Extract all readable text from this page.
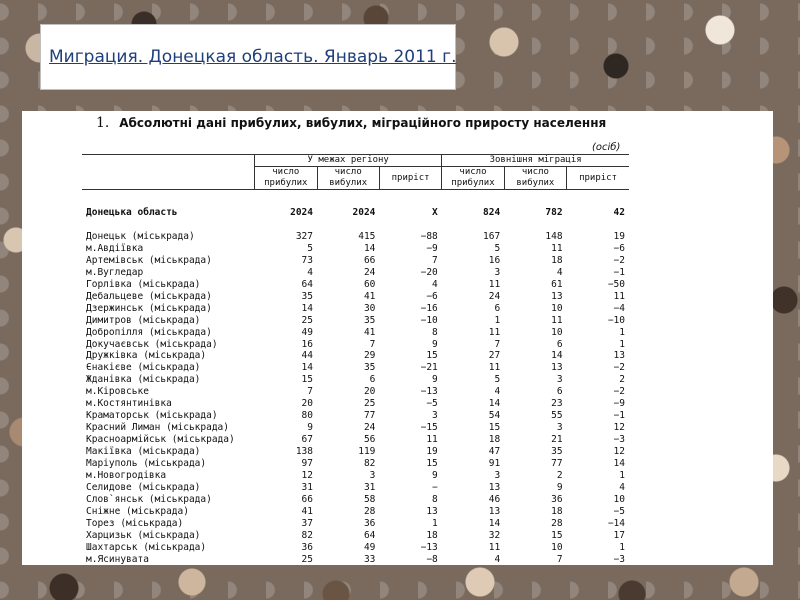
Миграция. Донецкая область. Январь 2011 г.
1. Абсолютні дані прибулих, вибулих, міграційного приросту населення
(осіб)
	У межах регіону			Зовнішня міграція		
	число прибулих	число вибулих	приріст	число прибулих	число вибулих	приріст
Донецька область	2024	2024	Х	824	782	42
Донецьк (міськрада)	327	415	−88	167	148	19
м.Авдіївка	5	14	−9	5	11	−6
Артемівськ (міськрада)	73	66	7	16	18	−2
м.Вугледар	4	24	−20	3	4	−1
Горлівка (міськрада)	64	60	4	11	61	−50
Дебальцеве (міськрада)	35	41	−6	24	13	11
Дзержинськ (міськрада)	14	30	−16	6	10	−4
Димитров (міськрада)	25	35	−10	1	11	−10
Добропілля (міськрада)	49	41	8	11	10	1
Докучаєвськ (міськрада)	16	7	9	7	6	1
Дружківка (міськрада)	44	29	15	27	14	13
Єнакієве (міськрада)	14	35	−21	11	13	−2
Жданівка (міськрада)	15	6	9	5	3	2
м.Кіровське	7	20	−13	4	6	−2
м.Костянтинівка	20	25	−5	14	23	−9
Краматорськ (міськрада)	80	77	3	54	55	−1
Красний Лиман (міськрада)	9	24	−15	15	3	12
Красноармійськ (міськрада)	67	56	11	18	21	−3
Макіївка (міськрада)	138	119	19	47	35	12
Маріуполь (міськрада)	97	82	15	91	77	14
м.Новогродівка	12	3	9	3	2	1
Селидове (міськрада)	31	31	−	13	9	4
Слов`янськ (міськрада)	66	58	8	46	36	10
Сніжне (міськрада)	41	28	13	13	18	−5
Торез (міськрада)	37	36	1	14	28	−14
Харцизьк (міськрада)	82	64	18	32	15	17
Шахтарськ (міськрада)	36	49	−13	11	10	1
м.Ясинувата	25	33	−8	4	7	−3
